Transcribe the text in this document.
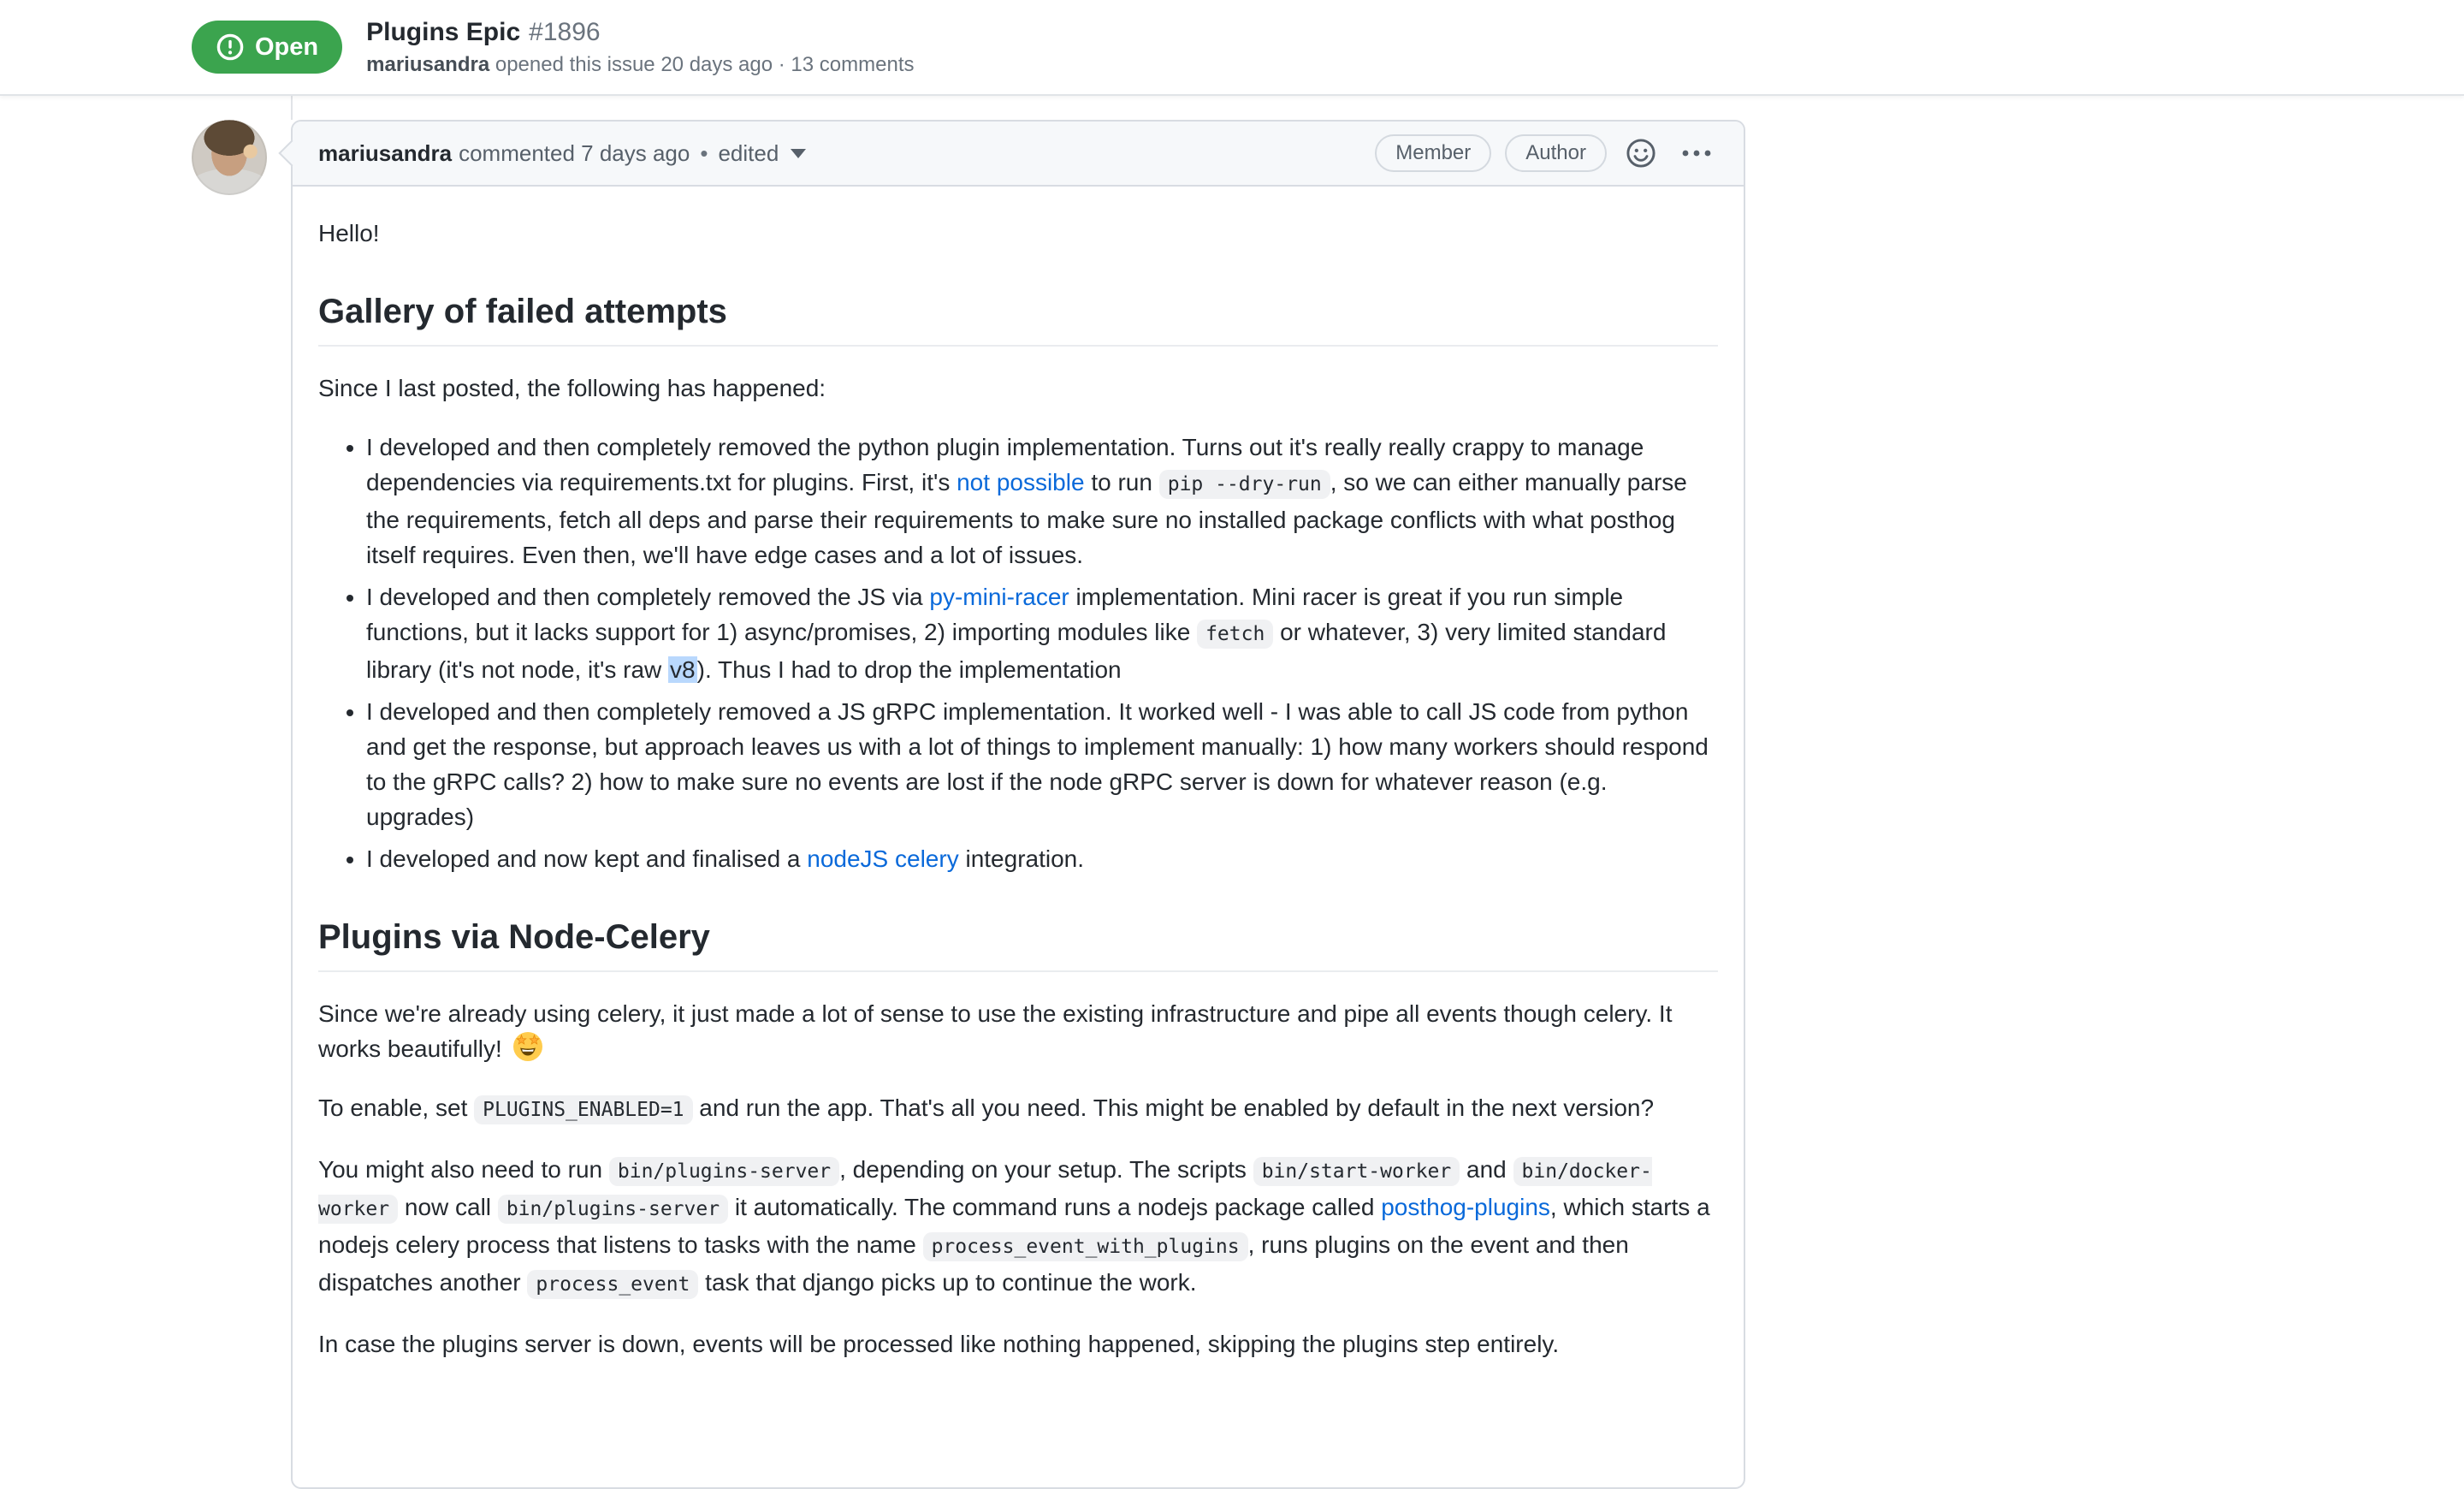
Open
Plugins Epic #1896
mariusandra opened this issue 20 days ago · 13 comments
mariusandra commented 7 days ago • edited	Member	Author

Hello!

Gallery of failed attempts

Since I last posted, the following has happened:

• I developed and then completely removed the python plugin implementation. Turns out it's really really crappy to manage dependencies via requirements.txt for plugins. First, it's not possible to run pip --dry-run , so we can either manually parse the requirements, fetch all deps and parse their requirements to make sure no installed package conflicts with what posthog itself requires. Even then, we'll have edge cases and a lot of issues.
• I developed and then completely removed the JS via py-mini-racer implementation. Mini racer is great if you run simple functions, but it lacks support for 1) async/promises, 2) importing modules like fetch or whatever, 3) very limited standard library (it's not node, it's raw v8). Thus I had to drop the implementation
• I developed and then completely removed a JS gRPC implementation. It worked well - I was able to call JS code from python and get the response, but approach leaves us with a lot of things to implement manually: 1) how many workers should respond to the gRPC calls? 2) how to make sure no events are lost if the node gRPC server is down for whatever reason (e.g. upgrades)
• I developed and now kept and finalised a nodeJS celery integration.
Plugins via Node-Celery

Since we're already using celery, it just made a lot of sense to use the existing infrastructure and pipe all events though celery. It works beautifully!

To enable, set PLUGINS_ENABLED=1 and run the app. That's all you need. This might be enabled by default in the next version?

You might also need to run bin/plugins-server , depending on your setup. The scripts bin/start-worker and bin/docker-worker now call bin/plugins-server it automatically. The command runs a nodejs package called posthog-plugins, which starts a nodejs celery process that listens to tasks with the name process_event_with_plugins , runs plugins on the event and then dispatches another process_event task that django picks up to continue the work.

In case the plugins server is down, events will be processed like nothing happened, skipping the plugins step entirely.
